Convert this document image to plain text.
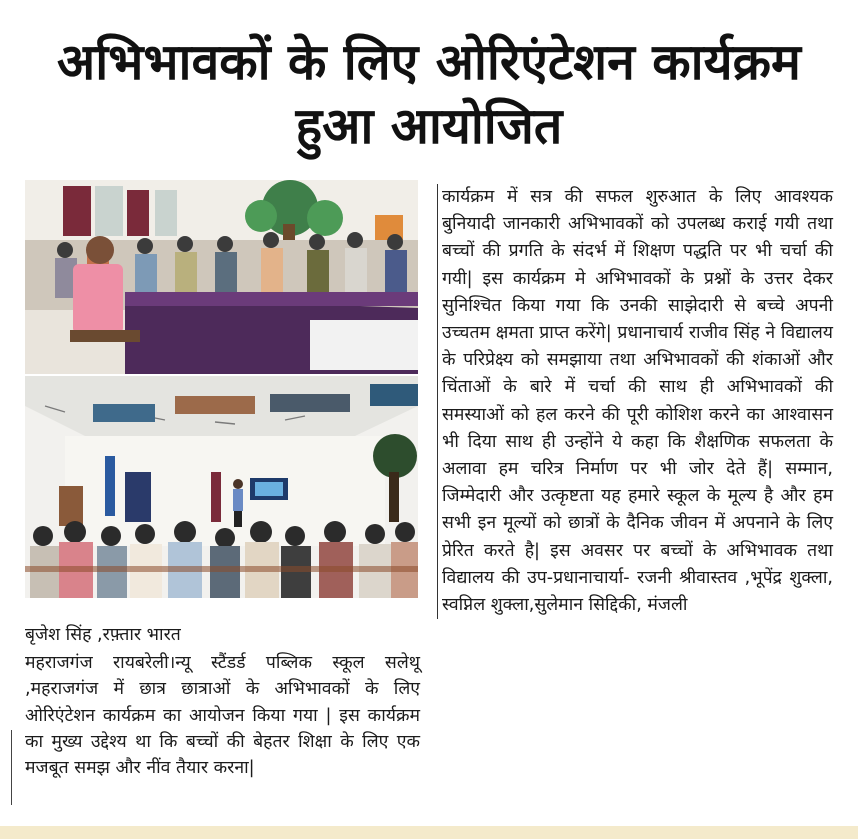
अभिभावकों के लिए ओरिएंटेशन कार्यक्रम
हुआ आयोजित
बृजेश सिंह ,रफ़्तार भारत

महराजगंज रायबरेली।न्यू स्टैंडर्ड पब्लिक स्कूल सलेथू ,महराजगंज में छात्र छात्राओं के अभिभावकों के लिए ओरिएंटेशन कार्यक्रम का आयोजन किया गया | इस कार्यक्रम का मुख्य उद्देश्य था कि बच्चों की बेहतर शिक्षा के लिए एक मजबूत समझ और नींव तैयार करना|

कार्यक्रम में सत्र की सफल शुरुआत के लिए आवश्यक बुनियादी जानकारी अभिभावकों को उपलब्ध कराई गयी तथा बच्चों की प्रगति के संदर्भ में शिक्षण पद्धति पर भी चर्चा की गयी| इस कार्यक्रम मे अभिभावकों के प्रश्नों के उत्तर देकर सुनिश्चित किया गया कि उनकी साझेदारी से बच्चे अपनी उच्चतम क्षमता प्राप्त करेंगे| प्रधानाचार्य राजीव सिंह ने विद्यालय के परिप्रेक्ष्य को समझाया तथा अभिभावकों की शंकाओं और चिंताओं के बारे में चर्चा की साथ ही अभिभावकों की समस्याओं को हल करने की पूरी कोशिश करने का आश्वासन भी दिया साथ ही उन्होंने ये कहा कि शैक्षणिक सफलता के अलावा हम चरित्र निर्माण पर भी जोर देते हैं| सम्मान, जिम्मेदारी और उत्कृष्टता यह हमारे स्कूल के मूल्य है और हम सभी इन मूल्यों को छात्रों के दैनिक जीवन में अपनाने के लिए प्रेरित करते है| इस अवसर पर बच्चों के अभिभावक तथा विद्यालय की उप-प्रधानाचार्या- रजनी श्रीवास्तव ,भूपेंद्र शुक्ला, स्वप्निल शुक्ला,सुलेमान सिद्दिकी, मंजली
